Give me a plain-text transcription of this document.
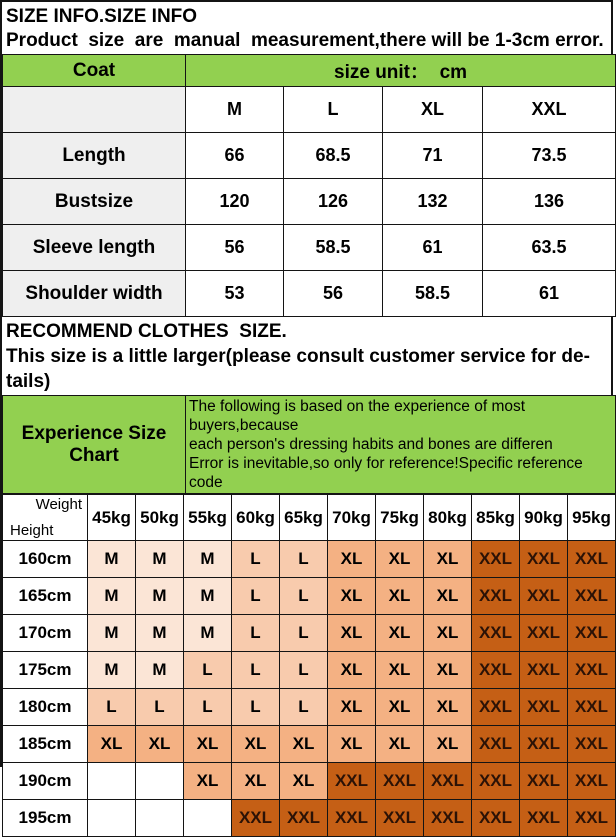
SIZE INFO.SIZE INFO
Product  size  are  manual  measurement,there will be 1-3cm error.
Coat	size unit：  cm			
	M	L	XL	XXL
Length	66	68.5	71	73.5
Bustsize	120	126	132	136
Sleeve length	56	58.5	61	63.5
Shoulder width	53	56	58.5	61
RECOMMEND CLOTHES  SIZE.
This size is a little larger(please consult customer service for de-tails)
Experience Size Chart	
The following is based on the experience of most buyers,because
each person's dressing habits and bones are differen
Error is inevitable,so only for reference!Specific reference code
Weight
Height	45kg	50kg	55kg	60kg	65kg	70kg	75kg	80kg	85kg	90kg	95kg
160cm	M	M	M	L	L	XL	XL	XL	XXL	XXL	XXL
165cm	M	M	M	L	L	XL	XL	XL	XXL	XXL	XXL
170cm	M	M	M	L	L	XL	XL	XL	XXL	XXL	XXL
175cm	M	M	L	L	L	XL	XL	XL	XXL	XXL	XXL
180cm	L	L	L	L	L	XL	XL	XL	XXL	XXL	XXL
185cm	XL	XL	XL	XL	XL	XL	XL	XL	XXL	XXL	XXL
190cm			XL	XL	XL	XXL	XXL	XXL	XXL	XXL	XXL
195cm				XXL	XXL	XXL	XXL	XXL	XXL	XXL	XXL
